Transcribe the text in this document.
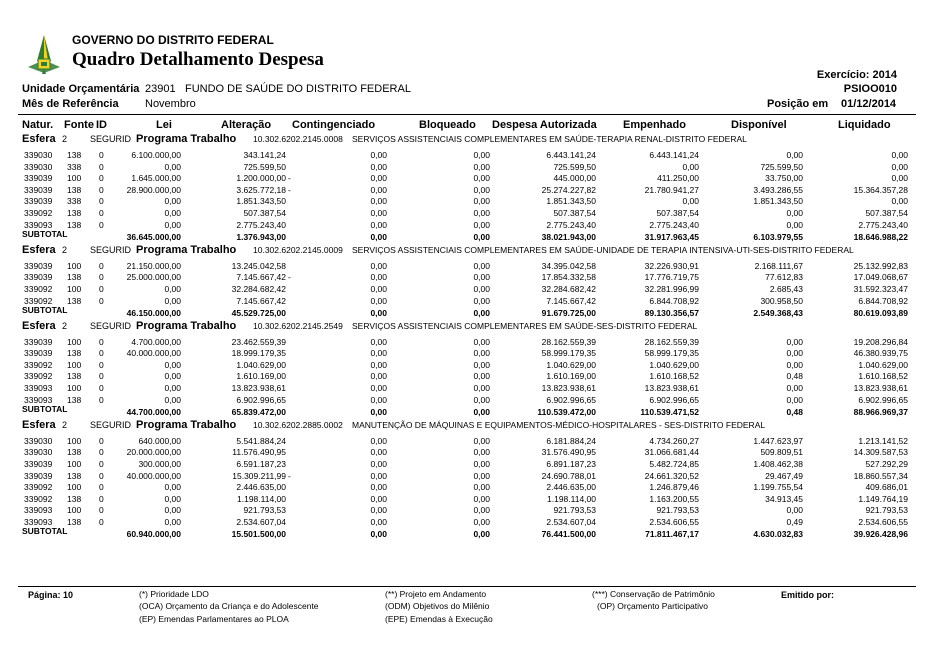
GOVERNO DO DISTRITO FEDERAL
Quadro Detalhamento Despesa
Exercício: 2014
Unidade Orçamentária 23901 FUNDO DE SAÚDE DO DISTRITO FEDERAL	PSIOO010
Mês de Referência Novembro	Posição em 01/12/2014
Natur. Fonte ID	Lei	Alteração Contingenciado	Bloqueado Despesa Autorizada Empenhado	Disponível	Liquidado
Esfera 2	SEGURID Programa Trabalho 10.302.6202.2145.0008 SERVIÇOS ASSISTENCIAIS COMPLEMENTARES EM SAÚDE-TERAPIA RENAL-DISTRITO FEDERAL
339030 138 0	6.100.000,00	343.141,24	0,00	0,00	6.443.141,24	6.443.141,24	0,00	0,00
339030 338 0	0,00	725.599,50	0,00	0,00	725.599,50	0,00	725.599,50	0,00
339039 100 0	1.645.000,00	1.200.000,00 -	0,00	0,00	445.000,00	411.250,00	33.750,00	0,00
339039 138 0	28.900.000,00	3.625.772,18 -	0,00	0,00	25.274.227,82	21.780.941,27	3.493.286,55	15.364.357,28
339039 338 0	0,00	1.851.343,50	0,00	0,00	1.851.343,50	0,00	1.851.343,50	0,00
339092 138 0	0,00	507.387,54	0,00	0,00	507.387,54	507.387,54	0,00	507.387,54
339093 138 0	0,00	2.775.243,40	0,00	0,00	2.775.243,40	2.775.243,40	0,00	2.775.243,40
SUBTOTAL	36.645.000,00	1.376.943,00	0,00	0,00	38.021.943,00	31.917.963,45	6.103.979,55	18.646.988,22
Esfera 2	SEGURID Programa Trabalho 10.302.6202.2145.0009 SERVIÇOS ASSISTENCIAIS COMPLEMENTARES EM SAÚDE-UNIDADE DE TERAPIA INTENSIVA-UTI-SES-DISTRITO FEDERAL
339039 100 0	21.150.000,00	13.245.042,58	0,00	0,00	34.395.042,58	32.226.930,91	2.168.111,67	25.132.992,83
339039 138 0	25.000.000,00	7.145.667,42 -	0,00	0,00	17.854.332,58	17.776.719,75	77.612,83	17.049.068,67
339092 100 0	0,00	32.284.682,42	0,00	0,00	32.284.682,42	32.281.996,99	2.685,43	31.592.323,47
339092 138 0	0,00	7.145.667,42	0,00	0,00	7.145.667,42	6.844.708,92	300.958,50	6.844.708,92
SUBTOTAL	46.150.000,00	45.529.725,00	0,00	0,00	91.679.725,00	89.130.356,57	2.549.368,43	80.619.093,89
Esfera 2	SEGURID Programa Trabalho 10.302.6202.2145.2549 SERVIÇOS ASSISTENCIAIS COMPLEMENTARES EM SAÚDE-SES-DISTRITO FEDERAL
339039 100 0	4.700.000,00	23.462.559,39	0,00	0,00	28.162.559,39	28.162.559,39	0,00	19.208.296,84
339039 138 0	40.000.000,00	18.999.179,35	0,00	0,00	58.999.179,35	58.999.179,35	0,00	46.380.939,75
339092 100 0	0,00	1.040.629,00	0,00	0,00	1.040.629,00	1.040.629,00	0,00	1.040.629,00
339092 138 0	0,00	1.610.169,00	0,00	0,00	1.610.169,00	1.610.168,52	0,48	1.610.168,52
339093 100 0	0,00	13.823.938,61	0,00	0,00	13.823.938,61	13.823.938,61	0,00	13.823.938,61
339093 138 0	0,00	6.902.996,65	0,00	0,00	6.902.996,65	6.902.996,65	0,00	6.902.996,65
SUBTOTAL	44.700.000,00	65.839.472,00	0,00	0,00	110.539.472,00	110.539.471,52	0,48	88.966.969,37
Esfera 2	SEGURID Programa Trabalho 10.302.6202.2885.0002 MANUTENÇÃO DE MÁQUINAS E EQUIPAMENTOS-MÉDICO-HOSPITALARES - SES-DISTRITO FEDERAL
339030 100 0	640.000,00	5.541.884,24	0,00	0,00	6.181.884,24	4.734.260,27	1.447.623,97	1.213.141,52
339030 138 0	20.000.000,00	11.576.490,95	0,00	0,00	31.576.490,95	31.066.681,44	509.809,51	14.309.587,53
339039 100 0	300.000,00	6.591.187,23	0,00	0,00	6.891.187,23	5.482.724,85	1.408.462,38	527.292,29
339039 138 0	40.000.000,00	15.309.211,99 -	0,00	0,00	24.690.788,01	24.661.320,52	29.467,49	18.860.557,34
339092 100 0	0,00	2.446.635,00	0,00	0,00	2.446.635,00	1.246.879,46	1.199.755,54	409.686,01
339092 138 0	0,00	1.198.114,00	0,00	0,00	1.198.114,00	1.163.200,55	34.913,45	1.149.764,19
339093 100 0	0,00	921.793,53	0,00	0,00	921.793,53	921.793,53	0,00	921.793,53
339093 138 0	0,00	2.534.607,04	0,00	0,00	2.534.607,04	2.534.606,55	0,49	2.534.606,55
SUBTOTAL	60.940.000,00	15.501.500,00	0,00	0,00	76.441.500,00	71.811.467,17	4.630.032,83	39.926.428,96
Página: 10	(*) Prioridade LDO
(OCA) Orçamento da Criança e do Adolescente
(EP) Emendas Parlamentares ao PLOA
(**) Projeto em Andamento
(ODM) Objetivos do Milênio
(EPE) Emendas à Execução
(***) Conservação de Patrimônio
(OP) Orçamento Participativo
Emitido por:
